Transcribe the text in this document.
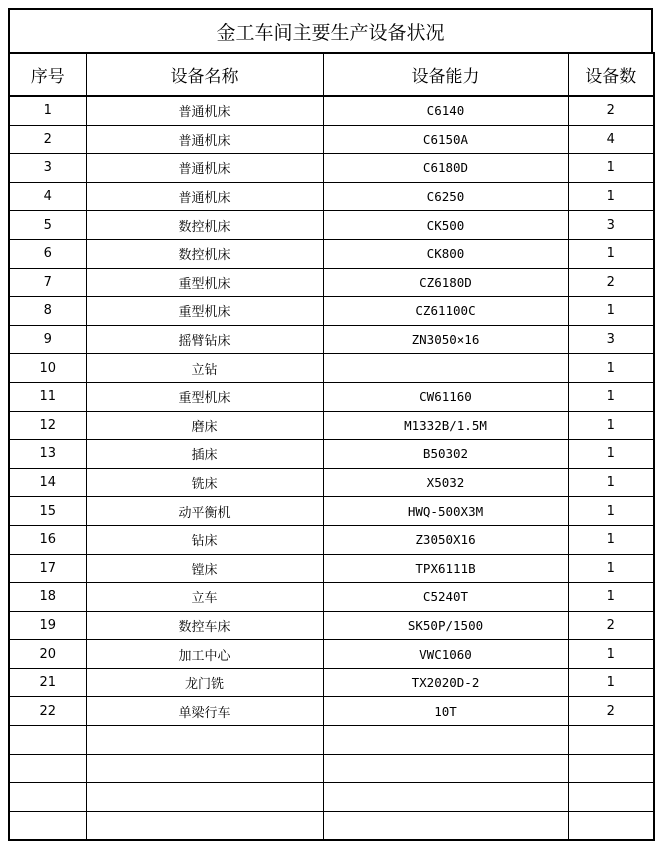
金工车间主要生产设备状况
序号	设备名称	设备能力	设备数
1	普通机床	C6140	2
2	普通机床	C6150A	4
3	普通机床	C6180D	1
4	普通机床	C6250	1
5	数控机床	CK500	3
6	数控机床	CK800	1
7	重型机床	CZ6180D	2
8	重型机床	CZ61100C	1
9	摇臂钻床	ZN3050×16	3
10	立钻		1
11	重型机床	CW61160	1
12	磨床	M1332B/1.5M	1
13	插床	B50302	1
14	铣床	X5032	1
15	动平衡机	HWQ-500X3M	1
16	钻床	Z3050X16	1
17	镗床	TPX6111B	1
18	立车	C5240T	1
19	数控车床	SK50P/1500	2
20	加工中心	VWC1060	1
21	龙门铣	TX2020D-2	1
22	单梁行车	10T	2
